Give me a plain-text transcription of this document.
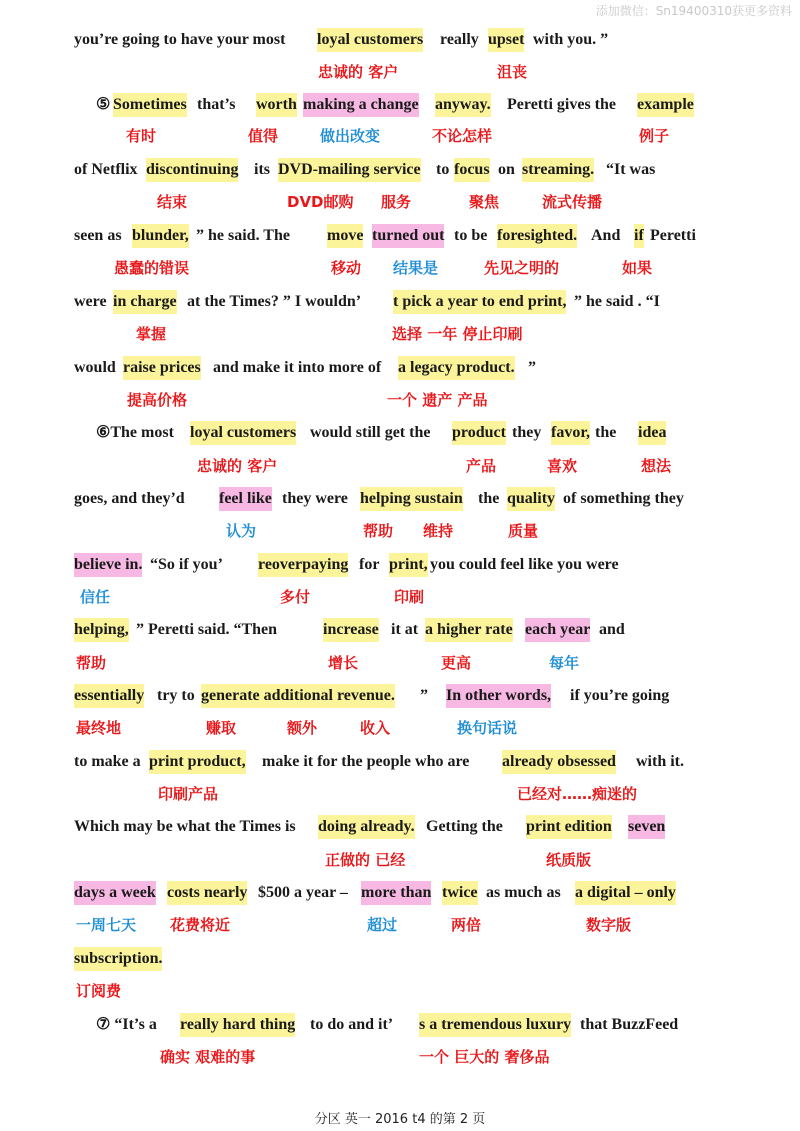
添加微信：Sn19400310获更多资料
you’re going to have your most loyal customers really upset with you. ”
⑤ Sometimes that’s worth making a change anyway. Peretti gives the example
of Netflix discontinuing its DVD-mailing service to focus on streaming. “It was
seen as blunder, ” he said. The move turned out to be foresighted. And if Peretti
were in charge at the Times? ” I wouldn’ t pick a year to end print, ” he said . “I
would raise prices and make it into more of a legacy product. ”
⑥The most loyal customers would still get the product they favor, the idea
goes, and they’d feel like they were helping sustain the quality of something they
believe in. “So if you’ reoverpaying for print, you could feel like you were
helping, ” Peretti said. “Then	increase it at a higher rate each year and
essentially try to generate additional revenue. ” In other words, if you’re going
to make a print product, make it for the people who are already obsessed with it.
Which may be what the Times is doing already. Getting the print edition seven
days a week costs nearly $500 a year – more than twice as much as a digital – only
subscription.
⑦ “It’s a really hard thing to do and it’ s a tremendous luxury that BuzzFeed
忠诚的 客户	沮丧
有时	值得	做出改变	不论怎样	例子
结束	DVD邮购 服务	聚焦	流式传播
愚蠢的错误	移动 结果是	先见之明的	如果
掌握	选择 一年 停止印刷
提高价格	一个 遗产 产品
忠诚的 客户	产品	喜欢	想法
认为	帮助 维持	质量
信任	多付	印刷
帮助	增长	更高	每年
最终地	赚取	额外	收入	换句话说
印刷产品	已经对……痴迷的
正做的 已经	纸质版
一周七天 花费将近	超过	两倍	数字版
订阅费
确实 艰难的事	一个 巨大的 奢侈品
分区 英一 2016 t4 的第 2 页
